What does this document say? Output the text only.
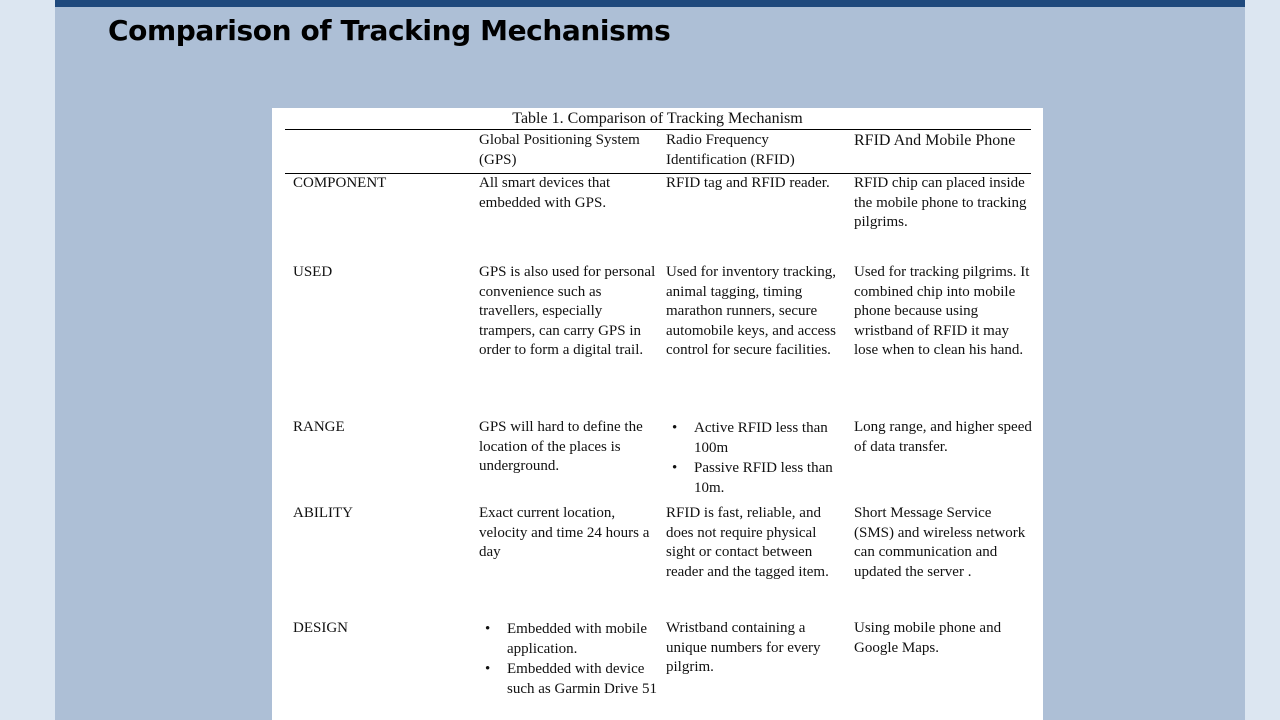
Comparison of Tracking Mechanisms
Table 1. Comparison of Tracking Mechanism
Global Positioning System (GPS)
Radio Frequency Identification (RFID)
RFID And Mobile Phone
COMPONENT	All smart devices that embedded with GPS.
RFID tag and RFID reader.	RFID chip can placed inside the mobile phone to tracking pilgrims.
USED	GPS is also used for personal convenience such as travellers, especially trampers, can carry GPS in order to form a digital trail.
Used for inventory tracking, animal tagging, timing marathon runners, secure automobile keys, and access control for secure facilities.
Used for tracking pilgrims. It combined chip into mobile phone because using wristband of RFID it may lose when to clean his hand.
RANGE	GPS will hard to define the location of the places is underground.
• Active RFID less than 100m
• Passive RFID less than 10m.
Long range, and higher speed of data transfer.
ABILITY	Exact current location, velocity and time 24 hours a day
RFID is fast, reliable, and does not require physical sight or contact between reader and the tagged item.
Short Message Service (SMS) and wireless network can communication and updated the server .
DESIGN
•	Embedded with mobile application.
• Embedded with device such as Garmin Drive 51
Wristband containing a unique numbers for every pilgrim.
Using mobile phone and Google Maps.
